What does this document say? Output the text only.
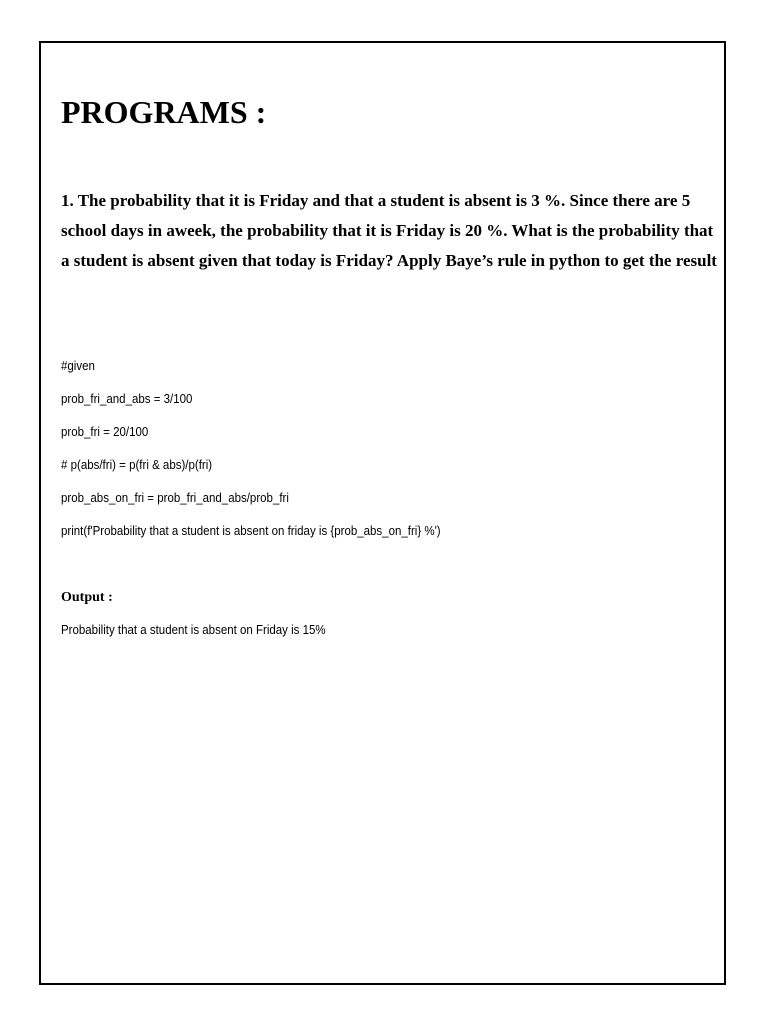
PROGRAMS :

1. The probability that it is Friday and that a student is absent is 3 %. Since there are 5
school days in aweek, the probability that it is Friday is 20 %. What is the probability that
a student is absent given that today is Friday? Apply Baye’s rule in python to get the result

#given
prob_fri_and_abs = 3/100
prob_fri = 20/100
# p(abs/fri) = p(fri & abs)/p(fri)
prob_abs_on_fri = prob_fri_and_abs/prob_fri
print(f'Probability that a student is absent on friday is {prob_abs_on_fri} %')
Output :
Probability that a student is absent on Friday is 15%
